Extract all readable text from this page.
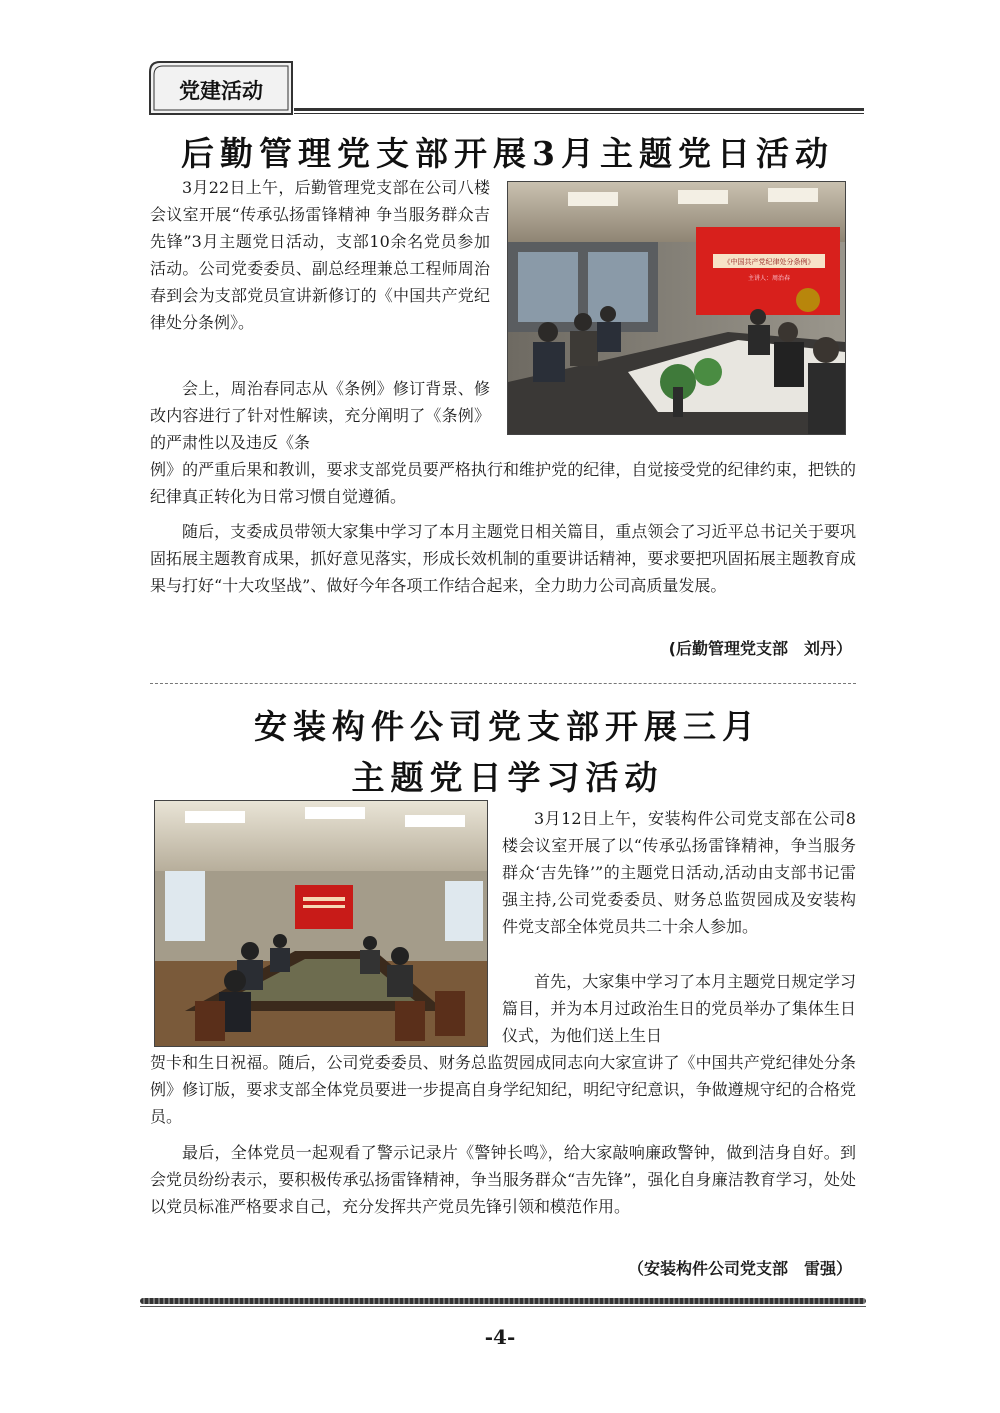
党建活动
后勤管理党支部开展3月主题党日活动

3月22日上午，后勤管理党支部在公司八楼会议室开展“传承弘扬雷锋精神 争当服务群众吉先锋”3月主题党日活动，支部10余名党员参加活动。公司党委委员、副总经理兼总工程师周治春到会为支部党员宣讲新修订的《中国共产党纪律处分条例》。

会上，周治春同志从《条例》修订背景、修改内容进行了针对性解读，充分阐明了《条例》的严肃性以及违反《条

例》的严重后果和教训，要求支部党员要严格执行和维护党的纪律，自觉接受党的纪律约束，把铁的纪律真正转化为日常习惯自觉遵循。

随后，支委成员带领大家集中学习了本月主题党日相关篇目，重点领会了习近平总书记关于要巩固拓展主题教育成果，抓好意见落实，形成长效机制的重要讲话精神，要求要把巩固拓展主题教育成果与打好“十大攻坚战”、做好今年各项工作结合起来，全力助力公司高质量发展。

(后勤管理党支部　刘丹）

《中国共产党纪律处分条例》
主讲人：周治春
安装构件公司党支部开展三月
主题党日学习活动

3月12日上午，安装构件公司党支部在公司8楼会议室开展了以“传承弘扬雷锋精神，争当服务群众‘吉先锋’”的主题党日活动,活动由支部书记雷强主持,公司党委委员、财务总监贺园成及安装构件党支部全体党员共二十余人参加。

首先，大家集中学习了本月主题党日规定学习篇目，并为本月过政治生日的党员举办了集体生日仪式，为他们送上生日

贺卡和生日祝福。随后，公司党委委员、财务总监贺园成同志向大家宣讲了《中国共产党纪律处分条例》修订版，要求支部全体党员要进一步提高自身学纪知纪，明纪守纪意识，争做遵规守纪的合格党员。

最后，全体党员一起观看了警示记录片《警钟长鸣》，给大家敲响廉政警钟，做到洁身自好。到会党员纷纷表示，要积极传承弘扬雷锋精神，争当服务群众“吉先锋”，强化自身廉洁教育学习，处处以党员标准严格要求自己，充分发挥共产党员先锋引领和模范作用。

（安装构件公司党支部　雷强）

-4-
